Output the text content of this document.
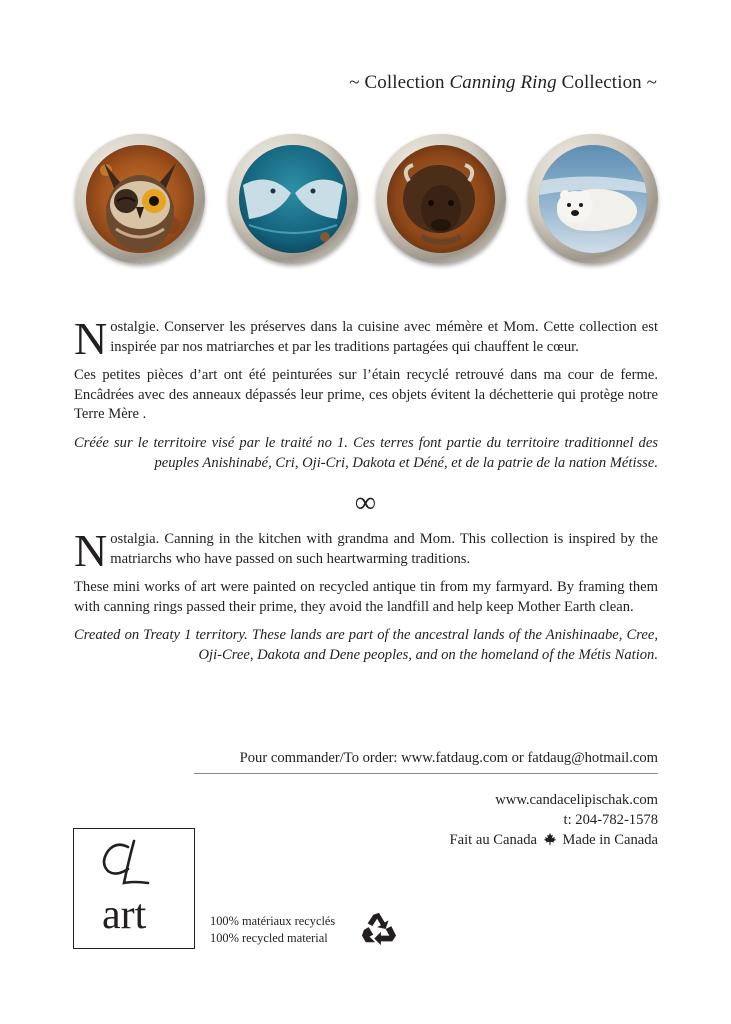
~ Collection Canning Ring Collection ~

Nostalgie. Conserver les préserves dans la cuisine avec mémère et Mom. Cette collection est inspirée par nos matriarches et par les traditions partagées qui chauffent le cœur.

Ces petites pièces d’art ont été peinturées sur l’étain recyclé retrouvé dans ma cour de ferme. Encâdrées avec des anneaux dépassés leur prime, ces objets évitent la déchetterie qui protège notre Terre Mère .

Créée sur le territoire visé par le traité no 1. Ces terres font partie du territoire traditionnel des
peuples Anishinabé, Cri, Oji-Cri, Dakota et Déné, et de la patrie de la nation Métisse.
∞

Nostalgia. Canning in the kitchen with grandma and Mom. This collection is inspired by the matriarchs who have passed on such heartwarming traditions.

These mini works of art were painted on recycled antique tin from my farmyard. By framing them with canning rings passed their prime, they avoid the landfill and help keep Mother Earth clean.

Created on Treaty 1 territory. These lands are part of the ancestral lands of the Anishinaabe, Cree,
Oji-Cree, Dakota and Dene peoples, and on the homeland of the Métis Nation.
Pour commander/To order: www.fatdaug.com or fatdaug@hotmail.com
www.candacelipischak.com
t: 204-782-1578
Fait au Canada Made in Canada
art	100% matériaux recyclés
100% recycled material
